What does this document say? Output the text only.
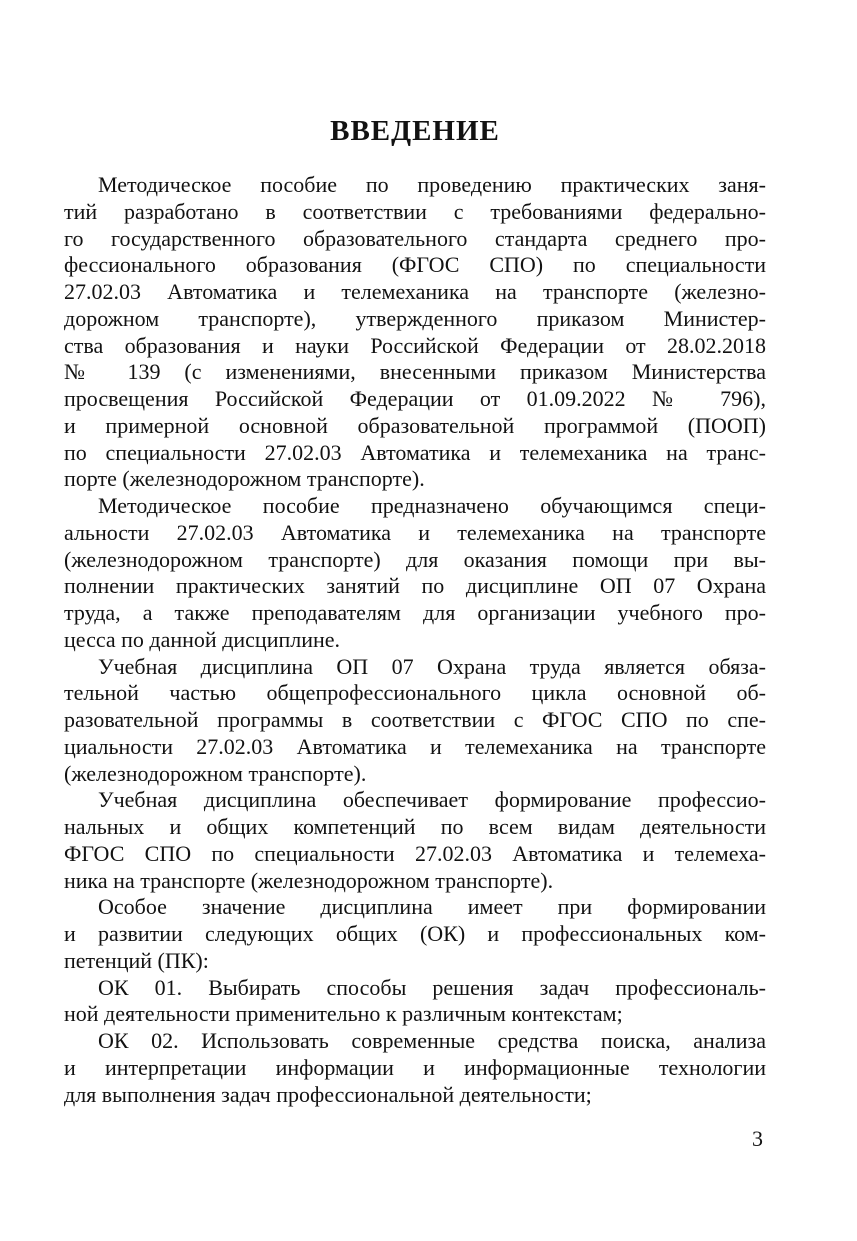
ВВЕДЕНИЕ
Методическое пособие по проведению практических заня-
тий разработано в соответствии с требованиями федерально-
го государственного образовательного стандарта среднего про-
фессионального образования (ФГОС СПО) по специальности
27.02.03 Автоматика и телемеханика на транспорте (железно-
дорожном транспорте), утвержденного приказом Министер-
ства образования и науки Российской Федерации от 28.02.2018
№ 139 (с изменениями, внесенными приказом Министерства
просвещения Российской Федерации от 01.09.2022 № 796),
и примерной основной образовательной программой (ПООП)
по специальности 27.02.03 Автоматика и телемеханика на транс-
порте (железнодорожном транспорте).
Методическое пособие предназначено обучающимся специ-
альности 27.02.03 Автоматика и телемеханика на транспорте
(железнодорожном транспорте) для оказания помощи при вы-
полнении практических занятий по дисциплине ОП 07 Охрана
труда, а также преподавателям для организации учебного про-
цесса по данной дисциплине.
Учебная дисциплина ОП 07 Охрана труда является обяза-
тельной частью общепрофессионального цикла основной об-
разовательной программы в соответствии с ФГОС СПО по спе-
циальности 27.02.03 Автоматика и телемеханика на транспорте
(железнодорожном транспорте).
Учебная дисциплина обеспечивает формирование профессио-
нальных и общих компетенций по всем видам деятельности
ФГОС СПО по специальности 27.02.03 Автоматика и телемеха-
ника на транспорте (железнодорожном транспорте).
Особое значение дисциплина имеет при формировании
и развитии следующих общих (ОК) и профессиональных ком-
петенций (ПК):
ОК 01. Выбирать способы решения задач профессиональ-
ной деятельности применительно к различным контекстам;
ОК 02. Использовать современные средства поиска, анализа
и интерпретации информации и информационные технологии
для выполнения задач профессиональной деятельности;
3
